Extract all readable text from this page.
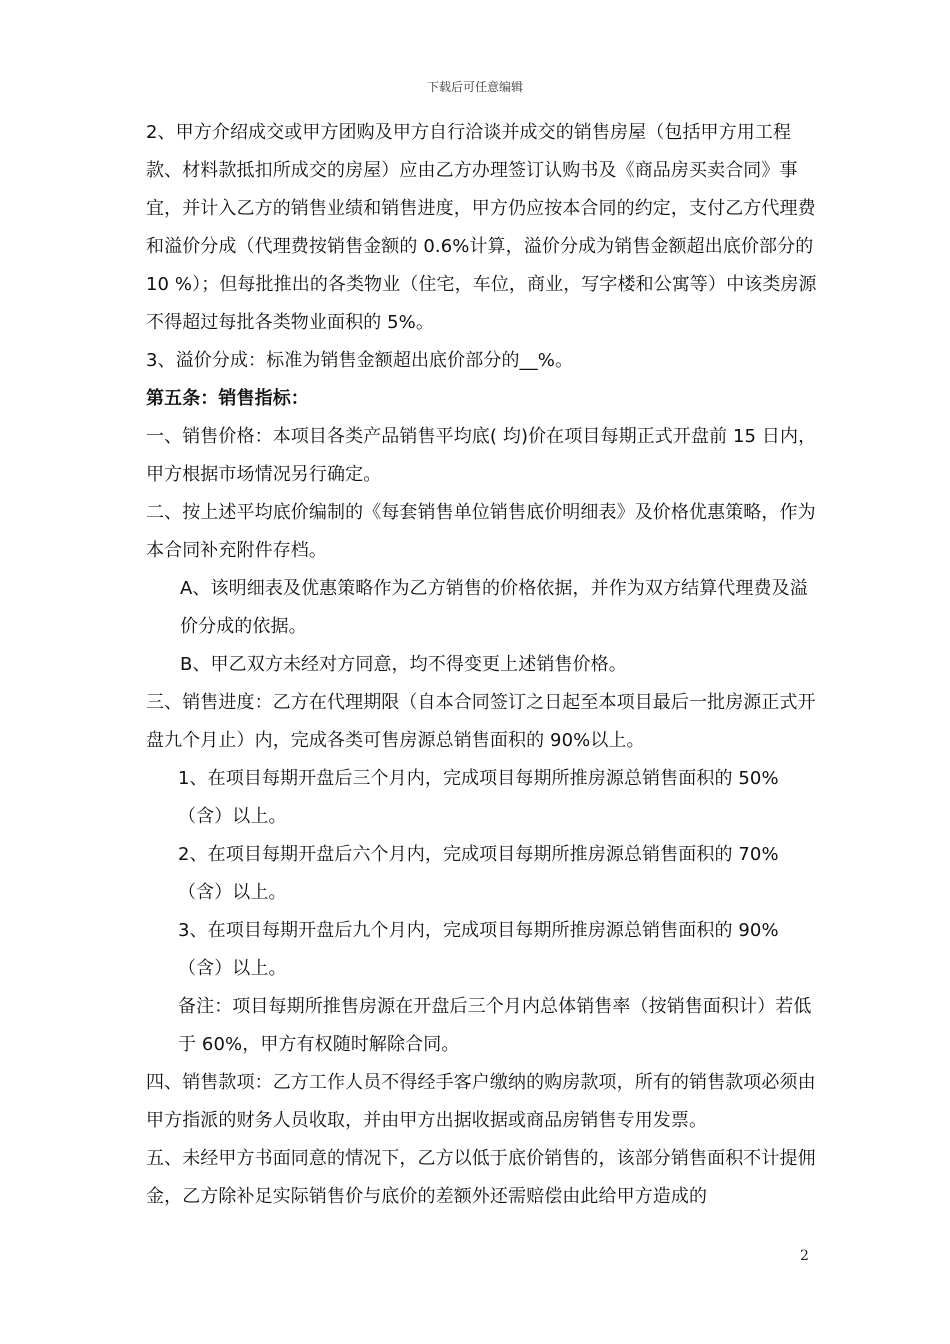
下载后可任意编辑

2、甲方介绍成交或甲方团购及甲方自行洽谈并成交的销售房屋（包括甲方用工程款、材料款抵扣所成交的房屋）应由乙方办理签订认购书及《商品房买卖合同》事宜，并计入乙方的销售业绩和销售进度，甲方仍应按本合同的约定，支付乙方代理费和溢价分成（代理费按销售金额的 0.6%计算，溢价分成为销售金额超出底价部分的 10 %）；但每批推出的各类物业（住宅，车位，商业，写字楼和公寓等）中该类房源不得超过每批各类物业面积的 5%。

3、溢价分成：标准为销售金额超出底价部分的__%。

第五条：销售指标：

一、销售价格：本项目各类产品销售平均底( 均)价在项目每期正式开盘前 15 日内，甲方根据市场情况另行确定。

二、按上述平均底价编制的《每套销售单位销售底价明细表》及价格优惠策略，作为本合同补充附件存档。

A、该明细表及优惠策略作为乙方销售的价格依据，并作为双方结算代理费及溢价分成的依据。

B、甲乙双方未经对方同意，均不得变更上述销售价格。

三、销售进度：乙方在代理期限（自本合同签订之日起至本项目最后一批房源正式开盘九个月止）内，完成各类可售房源总销售面积的 90%以上。

1、在项目每期开盘后三个月内，完成项目每期所推房源总销售面积的 50%（含）以上。

2、在项目每期开盘后六个月内，完成项目每期所推房源总销售面积的 70%（含）以上。

3、在项目每期开盘后九个月内，完成项目每期所推房源总销售面积的 90%（含）以上。

备注：项目每期所推售房源在开盘后三个月内总体销售率（按销售面积计）若低于 60%，甲方有权随时解除合同。

四、销售款项：乙方工作人员不得经手客户缴纳的购房款项，所有的销售款项必须由甲方指派的财务人员收取，并由甲方出据收据或商品房销售专用发票。

五、未经甲方书面同意的情况下，乙方以低于底价销售的，该部分销售面积不计提佣金，乙方除补足实际销售价与底价的差额外还需赔偿由此给甲方造成的

2
